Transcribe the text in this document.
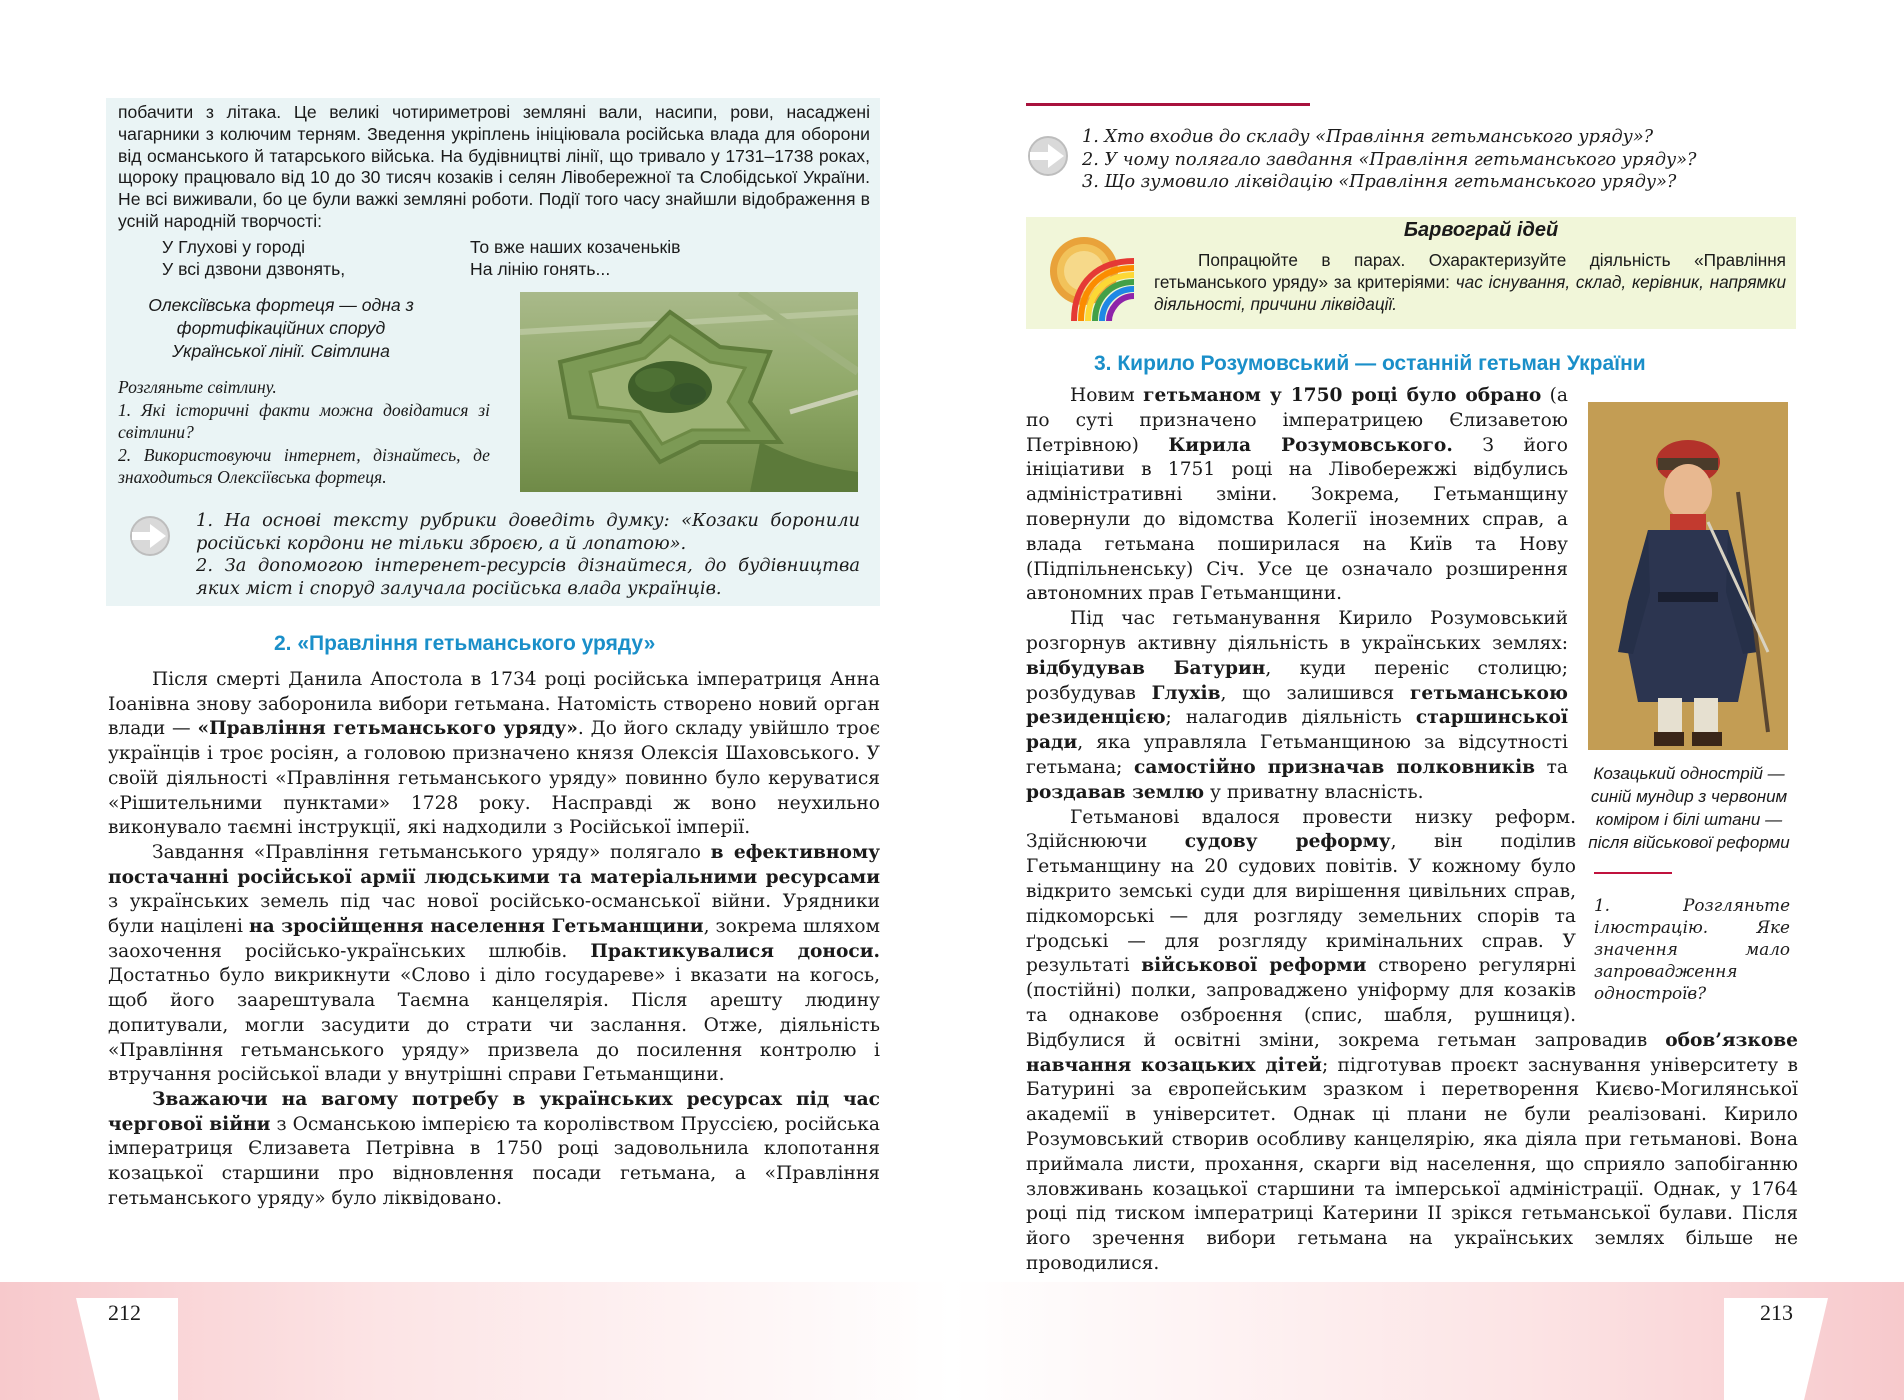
побачити з літака. Це великі чотириметрові земляні вали, насипи, рови, насаджені чагарники з колючим терням. Зведення укріплень ініціювала російська влада для оборони від османського й татарського війська. На будівництві лінії, що тривало у 1731–1738 роках, щороку працювало від 10 до 30 тисяч козаків і селян Лівобережної та Слобідської України. Не всі виживали, бо це були важкі земляні роботи. Події того часу знайшли відображення в усній народній творчості:

У Глухові у городі
У всі дзвони дзвонять,
То вже наших козаченьків
На лінію гонять...
Олексіївська фортеця — одна з фортифікаційних споруд Української лінії. Світлина

Розгляньте світлину.

1. Які історичні факти можна довідатися зі світлини?

2. Використовуючи інтернет, дізнайтесь, де знаходиться Олексіївська фортеця.

1. На основі тексту рубрики доведіть думку: «Козаки боронили російські кордони не тільки зброєю, а й лопатою».

2. За допомогою інтеренет-ресурсів дізнайтеся, до будівництва яких міст і споруд залучала російська влада українців.

2. «Правління гетьманського уряду»

Після смерті Данила Апостола в 1734 році російська імператриця Анна Іоанівна знову заборонила вибори гетьмана. Натомість створено новий орган влади — «Правління гетьманського уряду». До його складу увійшло троє українців і троє росіян, а головою призначено князя Олексія Шаховського. У своїй діяльності «Правління гетьманського уряду» повинно було керуватися «Рішительними пунктами» 1728 року. Насправді ж воно неухильно виконувало таємні інструкції, які надходили з Російської імперії.

Завдання «Правління гетьманського уряду» полягало в ефективному постачанні російської армії людськими та матеріальними ресурсами з українських земель під час нової російсько-османської війни. Урядники були націлені на зросійщення населення Гетьманщини, зокрема шляхом заохочення російсько-українських шлюбів. Практикувалися доноси. Достатньо було викрикнути «Слово і діло государеве» і вказати на когось, щоб його заарештувала Таємна канцелярія. Після арешту людину допитували, могли засудити до страти чи заслання. Отже, діяльність «Правління гетьманського уряду» призвела до посилення контролю і втручання російської влади у внутрішні справи Гетьманщини.

Зважаючи на вагому потребу в українських ресурсах під час чергової війни з Османською імперією та королівством Пруссією, російська імператриця Єлизавета Петрівна в 1750 році задовольнила клопотання козацької старшини про відновлення посади гетьмана, а «Правління гетьманського уряду» було ліквідовано.

212

1. Хто входив до складу «Правління гетьманського уряду»?

2. У чому полягало завдання «Правління гетьманського уряду»?

3. Що зумовило ліквідацію «Правління гетьманського уряду»?

Барвограй ідей
Попрацюйте в парах. Охарактеризуйте діяльність «Правління гетьманського уряду» за критеріями: час існування, склад, керівник, напрямки діяльності, причини ліквідації.
3. Кирило Розумовський — останній гетьман України

Новим гетьманом у 1750 році було обрано (а по суті призначено імператрицею Єлизаветою Петрівною) Кирила Розумовського. З його ініціативи в 1751 році на Лівобережжі відбулись адміністративні зміни. Зокрема, Гетьманщину повернули до відомства Колегії іноземних справ, а влада гетьмана поширилася на Київ та Нову (Підпільненську) Січ. Усе це означало розширення автономних прав Гетьманщини.

Під час гетьманування Кирило Розумовський розгорнув активну діяльність в українських землях: відбудував Батурин, куди переніс столицю; розбудував Глухів, що залишився гетьманською резиденцією; налагодив діяльність старшинської ради, яка управляла Гетьманщиною за відсутності гетьмана; самостійно призначав полковників та роздавав землю у приватну власність.

Гетьманові вдалося провести низку реформ. Здійснюючи судову реформу, він поділив Гетьманщину на 20 судових повітів. У кожному було відкрито земські суди для вирішення цивільних справ, підкоморські — для розгляду земельних спорів та ґродські — для розгляду кримінальних справ. У результаті військової реформи створено регулярні (постійні) полки, запроваджено уніформу для козаків та однакове озброєння (спис, шабля, рушниця). Відбулися й освітні зміни, зокрема гетьман запровадив обов’язкове навчання козацьких дітей; підготував проєкт заснування університету в Батурині за європейським зразком і перетворення Києво-Могилянської академії в університет. Однак ці плани не були реалізовані. Кирило Розумовський створив особливу канцелярію, яка діяла при гетьманові. Вона приймала листи, прохання, скарги від населення, що сприяло запобіганню зловживань козацької старшини та імперської адміністрації. Однак, у 1764 році під тиском імператриці Катерини II зрікся гетьманської булави. Після його зречення вибори гетьмана на українських землях більше не проводилися.

Козацький однострій — синій мундир з червоним коміром і білі штани — після військової реформи
1. Розгляньте ілюстрацію. Яке значення мало запровадження одностроїв?
213
